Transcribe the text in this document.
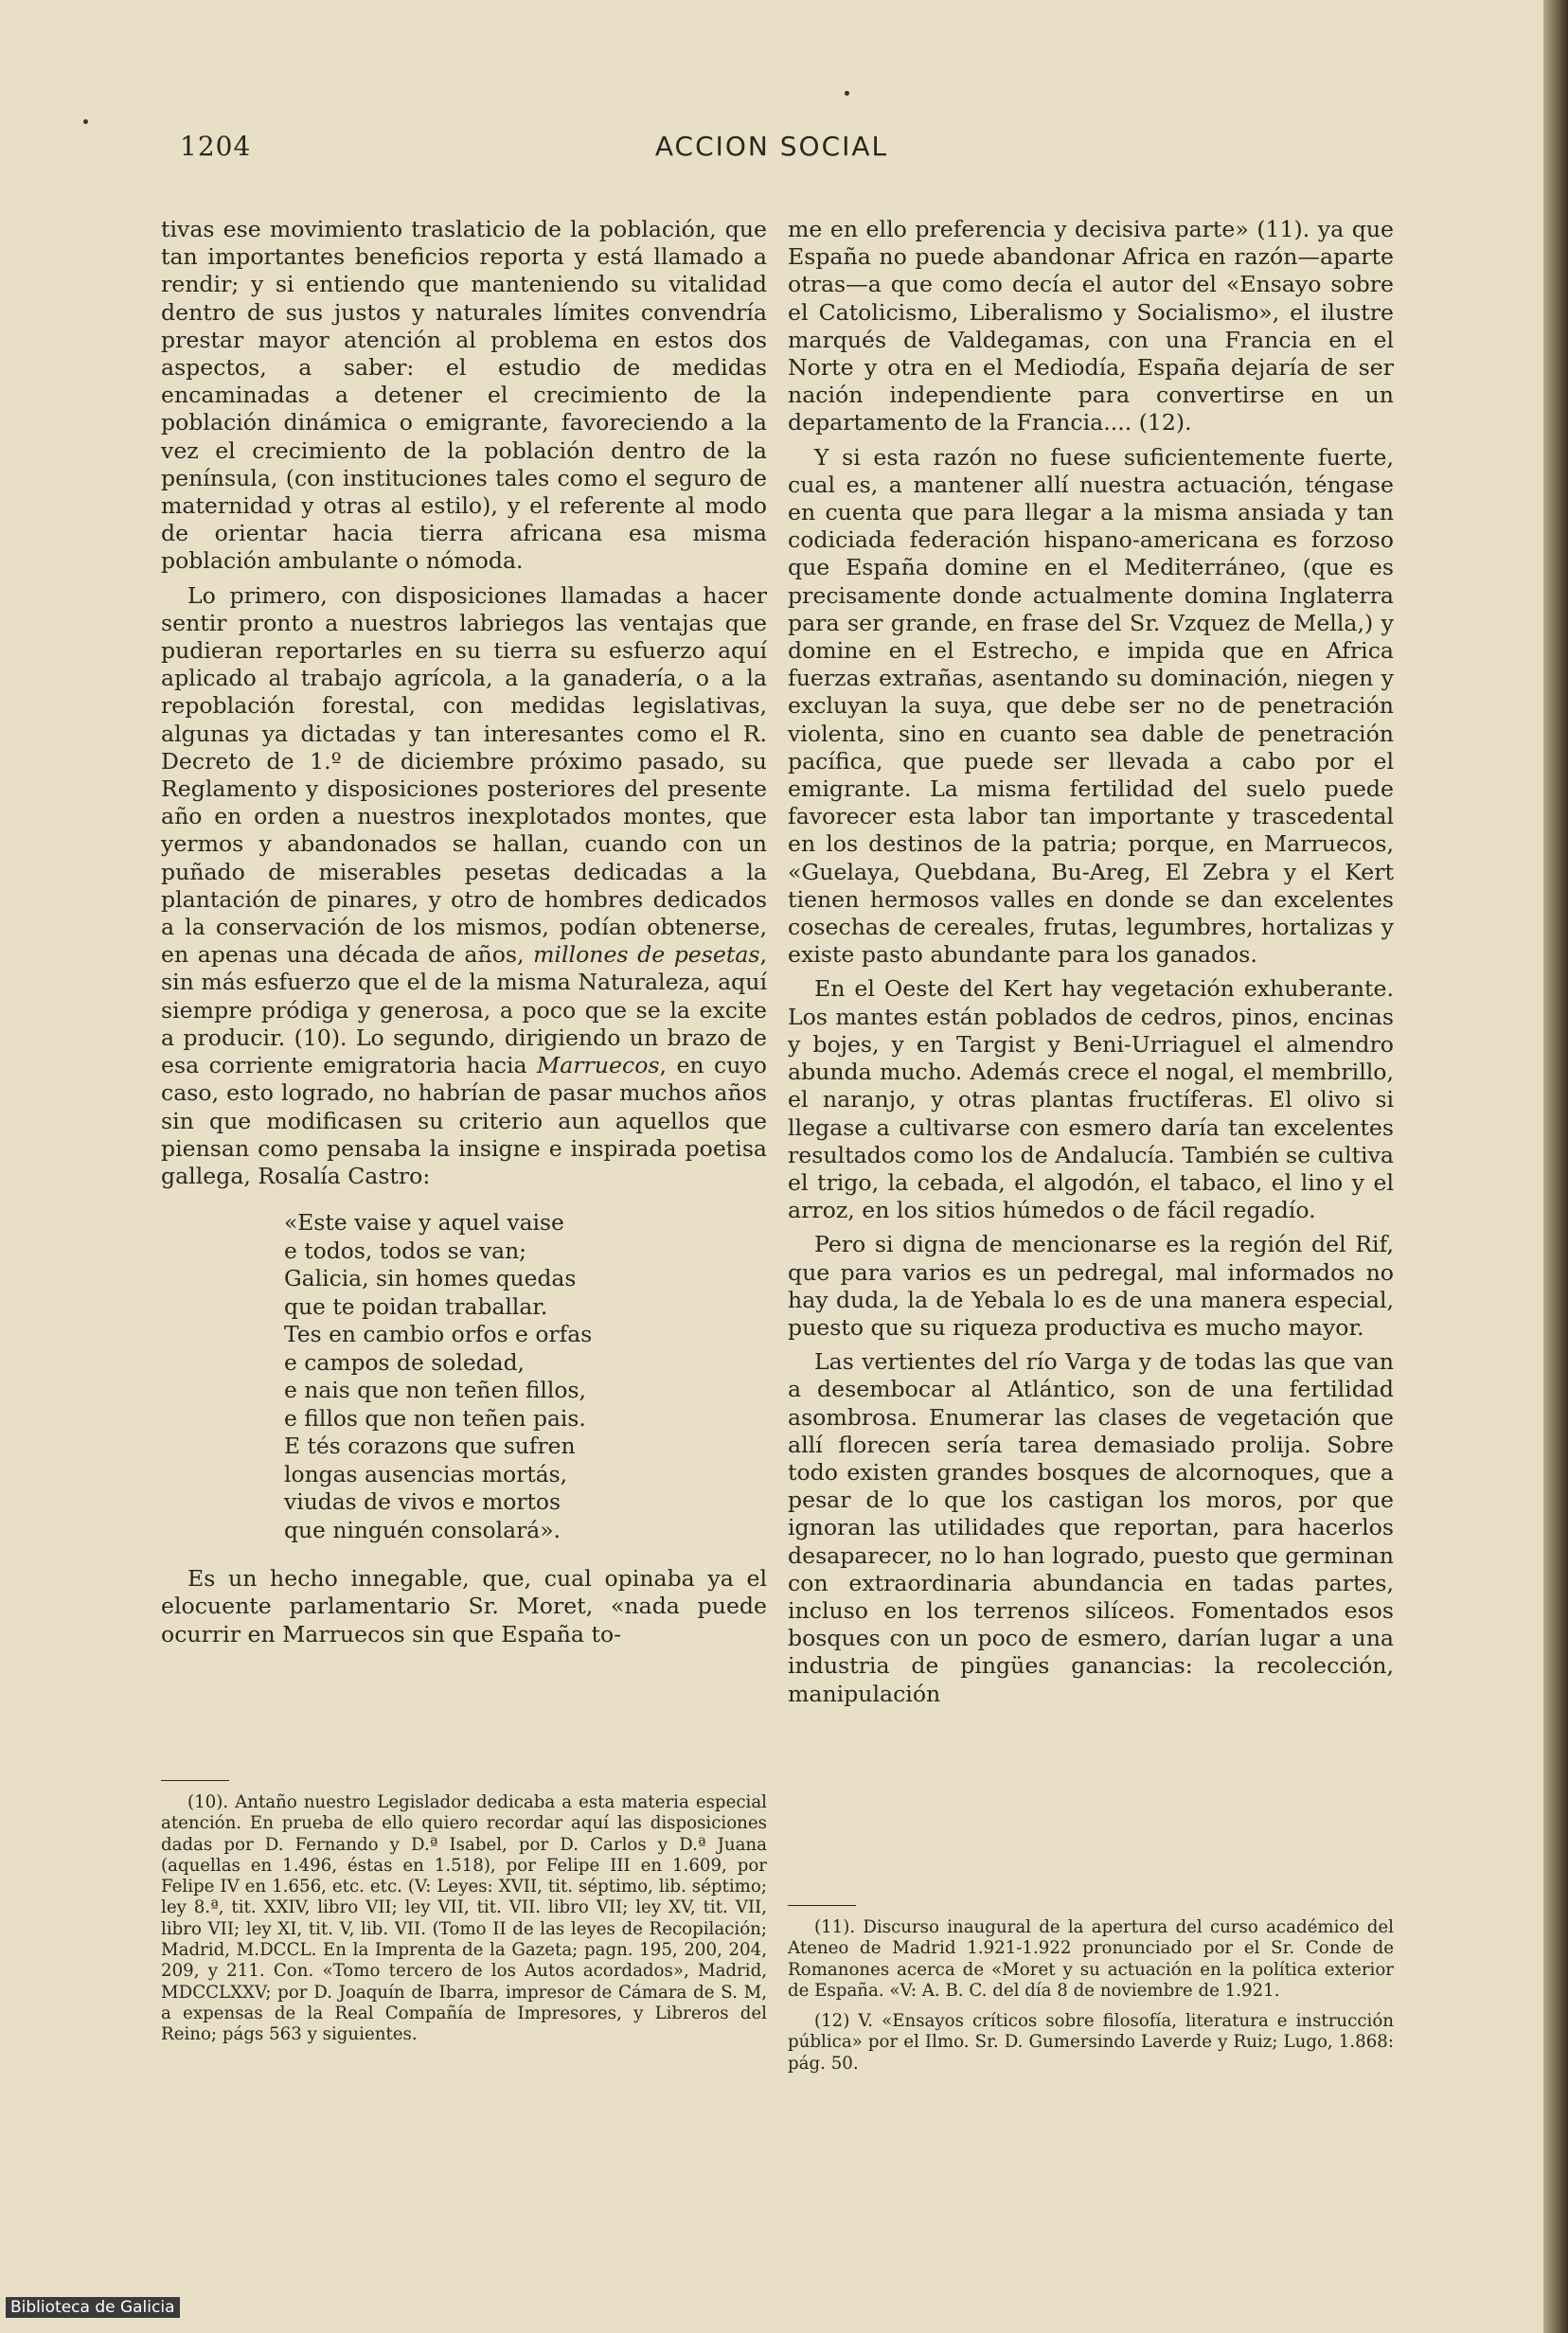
1204	ACCION SOCIAL

tivas ese movimiento traslaticio de la población, que tan importantes beneficios reporta y está llamado a rendir; y si entiendo que manteniendo su vitalidad dentro de sus justos y naturales límites convendría prestar mayor atención al problema en estos dos aspectos, a saber: el estudio de medidas encaminadas a detener el crecimiento de la población dinámica o emigrante, favoreciendo a la vez el crecimiento de la población dentro de la península, (con instituciones tales como el seguro de maternidad y otras al estilo), y el referente al modo de orientar hacia tierra africana esa misma población ambulante o nómoda.

Lo primero, con disposiciones llamadas a hacer sentir pronto a nuestros labriegos las ventajas que pudieran reportarles en su tierra su esfuerzo aquí aplicado al trabajo agrícola, a la ganadería, o a la repoblación forestal, con medidas legislativas, algunas ya dictadas y tan interesantes como el R. Decreto de 1.º de diciembre próximo pasado, su Reglamento y disposiciones posteriores del presente año en orden a nuestros inexplotados montes, que yermos y abandonados se hallan, cuando con un puñado de miserables pesetas dedicadas a la plantación de pinares, y otro de hombres dedicados a la conservación de los mismos, podían obtenerse, en apenas una década de años, millones de pesetas, sin más esfuerzo que el de la misma Naturaleza, aquí siempre pródiga y generosa, a poco que se la excite a producir. (10). Lo segundo, dirigiendo un brazo de esa corriente emigratoria hacia Marruecos, en cuyo caso, esto logrado, no habrían de pasar muchos años sin que modificasen su criterio aun aquellos que piensan como pensaba la insigne e inspirada poetisa gallega, Rosalía Castro:

«Este vaise y aquel vaise
e todos, todos se van;
Galicia, sin homes quedas
que te poidan traballar.
Tes en cambio orfos e orfas
e campos de soledad,
e nais que non teñen fillos,
e fillos que non teñen pais.
E tés corazons que sufren
longas ausencias mortás,
viudas de vivos e mortos
que ninguén consolará».

Es un hecho innegable, que, cual opinaba ya el elocuente parlamentario Sr. Moret, «nada puede ocurrir en Marruecos sin que España to-

me en ello preferencia y decisiva parte» (11). ya que España no puede abandonar Africa en razón—aparte otras—a que como decía el autor del «Ensayo sobre el Catolicismo, Liberalismo y Socialismo», el ilustre marqués de Valdegamas, con una Francia en el Norte y otra en el Mediodía, España dejaría de ser nación independiente para convertirse en un departamento de la Francia.... (12).

Y si esta razón no fuese suficientemente fuerte, cual es, a mantener allí nuestra actuación, téngase en cuenta que para llegar a la misma ansiada y tan codiciada federación hispano-americana es forzoso que España domine en el Mediterráneo, (que es precisamente donde actualmente domina Inglaterra para ser grande, en frase del Sr. Vzquez de Mella,) y domine en el Estrecho, e impida que en Africa fuerzas extrañas, asentando su dominación, niegen y excluyan la suya, que debe ser no de penetración violenta, sino en cuanto sea dable de penetración pacífica, que puede ser llevada a cabo por el emigrante. La misma fertilidad del suelo puede favorecer esta labor tan importante y trascedental en los destinos de la patria; porque, en Marruecos, «Guelaya, Quebdana, Bu-Areg, El Zebra y el Kert tienen hermosos valles en donde se dan excelentes cosechas de cereales, frutas, legumbres, hortalizas y existe pasto abundante para los ganados.

En el Oeste del Kert hay vegetación exhuberante. Los mantes están poblados de cedros, pinos, encinas y bojes, y en Targist y Beni-Urriaguel el almendro abunda mucho. Además crece el nogal, el membrillo, el naranjo, y otras plantas fructíferas. El olivo si llegase a cultivarse con esmero daría tan excelentes resultados como los de Andalucía. También se cultiva el trigo, la cebada, el algodón, el tabaco, el lino y el arroz, en los sitios húmedos o de fácil regadío.

Pero si digna de mencionarse es la región del Rif, que para varios es un pedregal, mal informados no hay duda, la de Yebala lo es de una manera especial, puesto que su riqueza productiva es mucho mayor.

Las vertientes del río Varga y de todas las que van a desembocar al Atlántico, son de una fertilidad asombrosa. Enumerar las clases de vegetación que allí florecen sería tarea demasiado prolija. Sobre todo existen grandes bosques de alcornoques, que a pesar de lo que los castigan los moros, por que ignoran las utilidades que reportan, para hacerlos desaparecer, no lo han logrado, puesto que germinan con extraordinaria abundancia en tadas partes, incluso en los terrenos silíceos. Fomentados esos bosques con un poco de esmero, darían lugar a una industria de pingües ganancias: la recolección, manipulación

(10). Antaño nuestro Legislador dedicaba a esta materia especial atención. En prueba de ello quiero recordar aquí las disposiciones dadas por D. Fernando y D.ª Isabel, por D. Carlos y D.ª Juana (aquellas en 1.496, éstas en 1.518), por Felipe III en 1.609, por Felipe IV en 1.656, etc. etc. (V: Leyes: XVII, tit. séptimo, lib. séptimo; ley 8.ª, tit. XXIV, libro VII; ley VII, tit. VII. libro VII; ley XV, tit. VII, libro VII; ley XI, tit. V, lib. VII. (Tomo II de las leyes de Recopilación; Madrid, M.DCCL. En la Imprenta de la Gazeta; pagn. 195, 200, 204, 209, y 211. Con. «Tomo tercero de los Autos acordados», Madrid, MDCCLXXV; por D. Joaquín de Ibarra, impresor de Cámara de S. M, a expensas de la Real Compañía de Impresores, y Libreros del Reino; págs 563 y siguientes.

(11). Discurso inaugural de la apertura del curso académico del Ateneo de Madrid 1.921-1.922 pronunciado por el Sr. Conde de Romanones acerca de «Moret y su actuación en la política exterior de España. «V: A. B. C. del día 8 de noviembre de 1.921.

(12) V. «Ensayos críticos sobre filosofía, literatura e instrucción pública» por el Ilmo. Sr. D. Gumersindo Laverde y Ruiz; Lugo, 1.868: pág. 50.

Biblioteca de Galicia
